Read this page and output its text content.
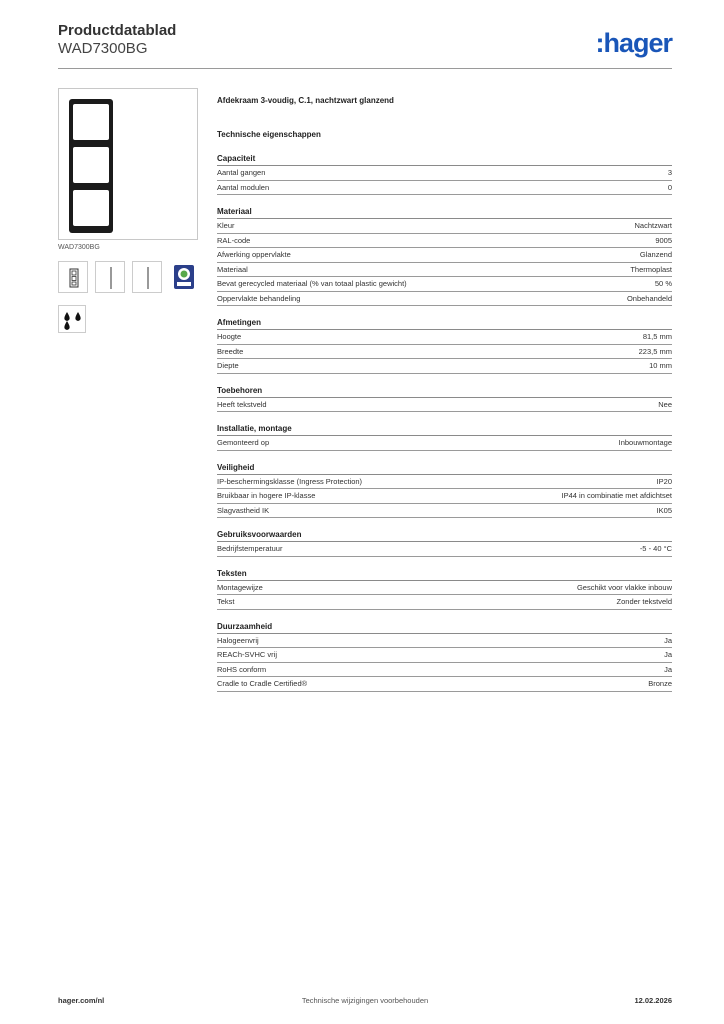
Productdatablad
WAD7300BG	:hager
WAD7300BG
Afdekraam 3-voudig, C.1, nachtzwart glanzend
Technische eigenschappen
Capaciteit
Aantal gangen	3
Aantal modulen	0
Materiaal
Kleur	Nachtzwart
RAL-code	9005
Afwerking oppervlakte	Glanzend
Materiaal	Thermoplast
Bevat gerecycled materiaal (% van totaal plastic gewicht)	50 %
Oppervlakte behandeling	Onbehandeld
Afmetingen
Hoogte	81,5 mm
Breedte	223,5 mm
Diepte	10 mm
Toebehoren
Heeft tekstveld	Nee
Installatie, montage
Gemonteerd op	Inbouwmontage
Veiligheid
IP-beschermingsklasse (Ingress Protection)	IP20
Bruikbaar in hogere IP-klasse	IP44 in combinatie met afdichtset
Slagvastheid IK	IK05
Gebruiksvoorwaarden
Bedrijfstemperatuur	-5 - 40 °C
Teksten
Montagewijze	Geschikt voor vlakke inbouw
Tekst	Zonder tekstveld
Duurzaamheid
Halogeenvrij	Ja
REACh-SVHC vrij	Ja
RoHS conform	Ja
Cradle to Cradle Certified®	Bronze
hager.com/nl	Technische wijzigingen voorbehouden	12.02.2026
